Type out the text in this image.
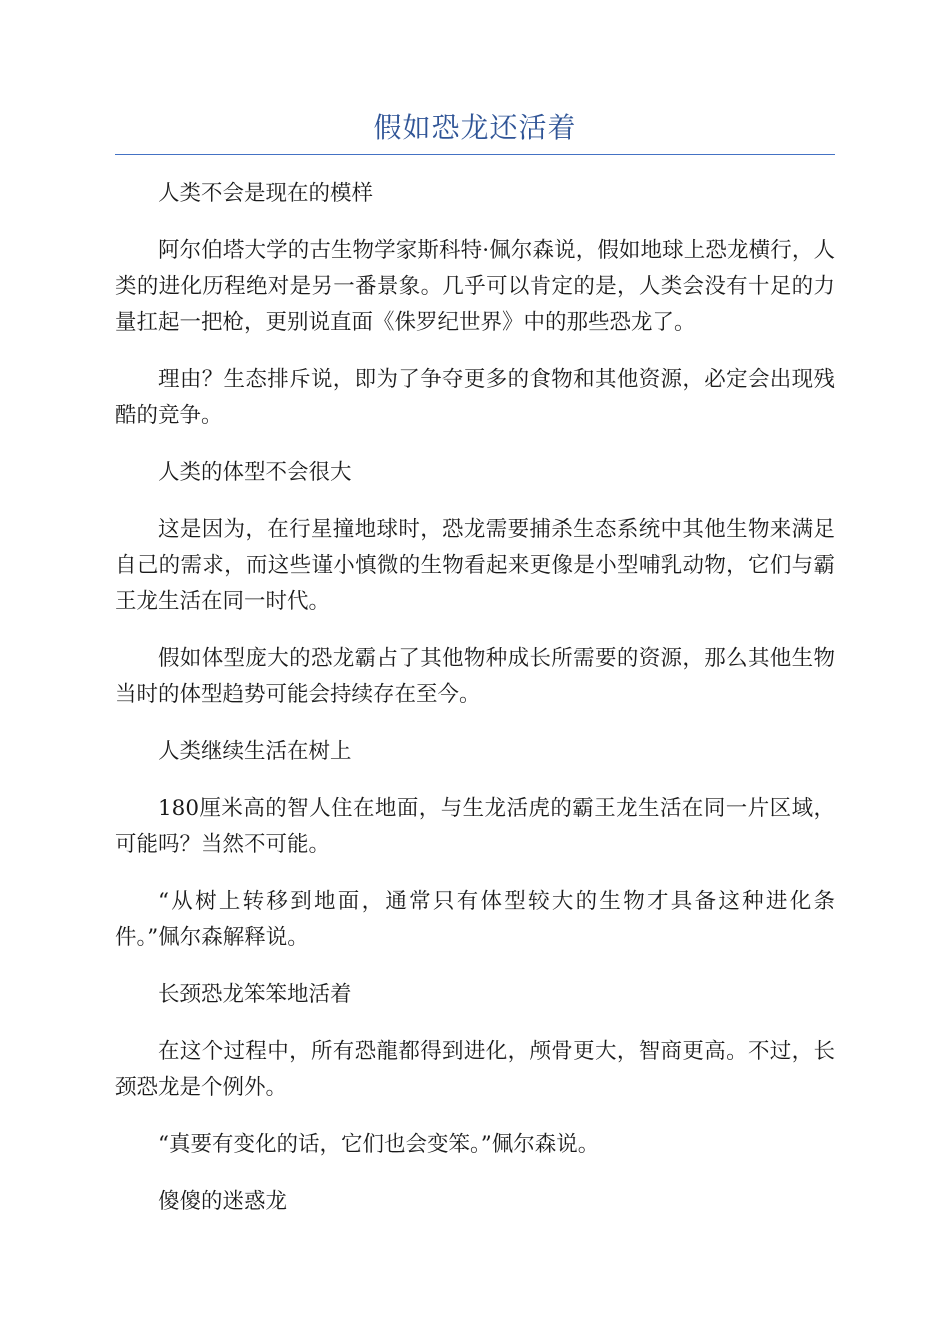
假如恐龙还活着

人类不会是现在的模样

阿尔伯塔大学的古生物学家斯科特·佩尔森说，假如地球上恐龙横行，人类的进化历程绝对是另一番景象。几乎可以肯定的是，人类会没有十足的力量扛起一把枪，更别说直面《侏罗纪世界》中的那些恐龙了。

理由？生态排斥说，即为了争夺更多的食物和其他资源，必定会出现残酷的竞争。

人类的体型不会很大

这是因为，在行星撞地球时，恐龙需要捕杀生态系统中其他生物来满足自己的需求，而这些谨小慎微的生物看起来更像是小型哺乳动物，它们与霸王龙生活在同一时代。

假如体型庞大的恐龙霸占了其他物种成长所需要的资源，那么其他生物当时的体型趋势可能会持续存在至今。

人类继续生活在树上

180厘米高的智人住在地面，与生龙活虎的霸王龙生活在同一片区域，可能吗？当然不可能。

“从树上转移到地面，通常只有体型较大的生物才具备这种进化条件。”佩尔森解释说。

长颈恐龙笨笨地活着

在这个过程中，所有恐龍都得到进化，颅骨更大，智商更高。不过，长颈恐龙是个例外。

“真要有变化的话，它们也会变笨。”佩尔森说。

傻傻的迷惑龙
